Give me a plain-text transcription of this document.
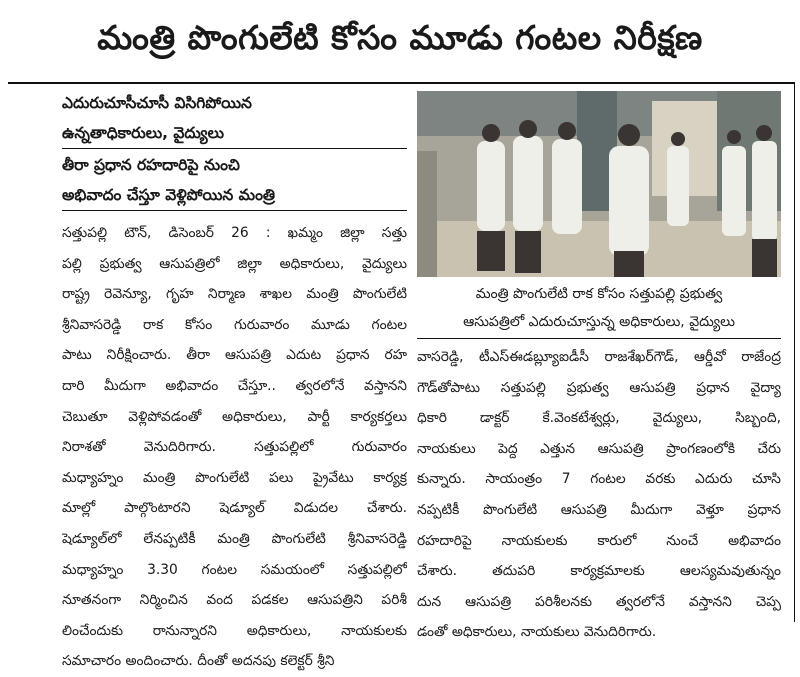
మంత్రి పొంగులేటి కోసం మూడు గంటల నిరీక్షణ
ఎదురుచూసీచూసీ విసిగిపోయిన
ఉన్నతాధికారులు, వైద్యులు
తీరా ప్రధాన రహదారిపై నుంచి
అభివాదం చేస్తూ వెళ్లిపోయిన మంత్రి
మంత్రి పొంగులేటి రాక కోసం సత్తుపల్లి ప్రభుత్వ
ఆసుపత్రిలో ఎదురుచూస్తున్న అధికారులు, వైద్యులు
సత్తుపల్లి టౌన్, డిసెంబర్ 26 : ఖమ్మం జిల్లా సత్తు
పల్లి ప్రభుత్వ ఆసుపత్రిలో జిల్లా అధికారులు, వైద్యులు
రాష్ట్ర రెవెన్యూ, గృహ నిర్మాణ శాఖల మంత్రి పొంగులేటి
శ్రీనివాసరెడ్డి రాక కోసం గురువారం మూడు గంటల
పాటు నిరీక్షించారు. తీరా ఆసుపత్రి ఎదుట ప్రధాన రహ
దారి మీదుగా అభివాదం చేస్తూ.. త్వరలోనే వస్తానని
చెబుతూ వెళ్లిపోవడంతో అధికారులు, పార్టీ కార్యకర్తలు
నిరాశతో వెనుదిరిగారు. సత్తుపల్లిలో గురువారం
మధ్యాహ్నం మంత్రి పొంగులేటి పలు ప్రైవేటు కార్యక్ర
మాల్లో పాల్గొంటారని షెడ్యూల్ విడుదల చేశారు.
షెడ్యూల్‌లో లేనప్పటికీ మంత్రి పొంగులేటి శ్రీనివాసరెడ్డి
మధ్యాహ్నం 3.30 గంటల సమయంలో సత్తుపల్లిలో
నూతనంగా నిర్మించిన వంద పడకల ఆసుపత్రిని పరిశీ
లించేందుకు రానున్నారని అధికారులు, నాయకులకు
సమాచారం అందించారు. దీంతో అదనపు కలెక్టర్ శ్రీని
వాసరెడ్డి, టీఎస్ఈడబ్ల్యూఐడీసీ రాజశేఖర్‌గౌడ్, ఆర్డీవో రాజేంద్ర
గౌడ్‌తోపాటు సత్తుపల్లి ప్రభుత్వ ఆసుపత్రి ప్రధాన వైద్యా
ధికారి డాక్టర్ కే.వెంకటేశ్వర్లు, వైద్యులు, సిబ్బంది,
నాయకులు పెద్ద ఎత్తున ఆసుపత్రి ప్రాంగణంలోకి చేరు
కున్నారు. సాయంత్రం 7 గంటల వరకు ఎదురు చూసి
నప్పటికీ పొంగులేటి ఆసుపత్రి మీదుగా వెళ్తూ ప్రధాన
రహదారిపై నాయకులకు కారులో నుంచే అభివాదం
చేశారు. తదుపరి కార్యక్రమాలకు ఆలస్యమవుతున్నం
దున ఆసుపత్రి పరిశీలనకు త్వరలోనే వస్తానని చెప్ప
డంతో అధికారులు, నాయకులు వెనుదిరిగారు.
